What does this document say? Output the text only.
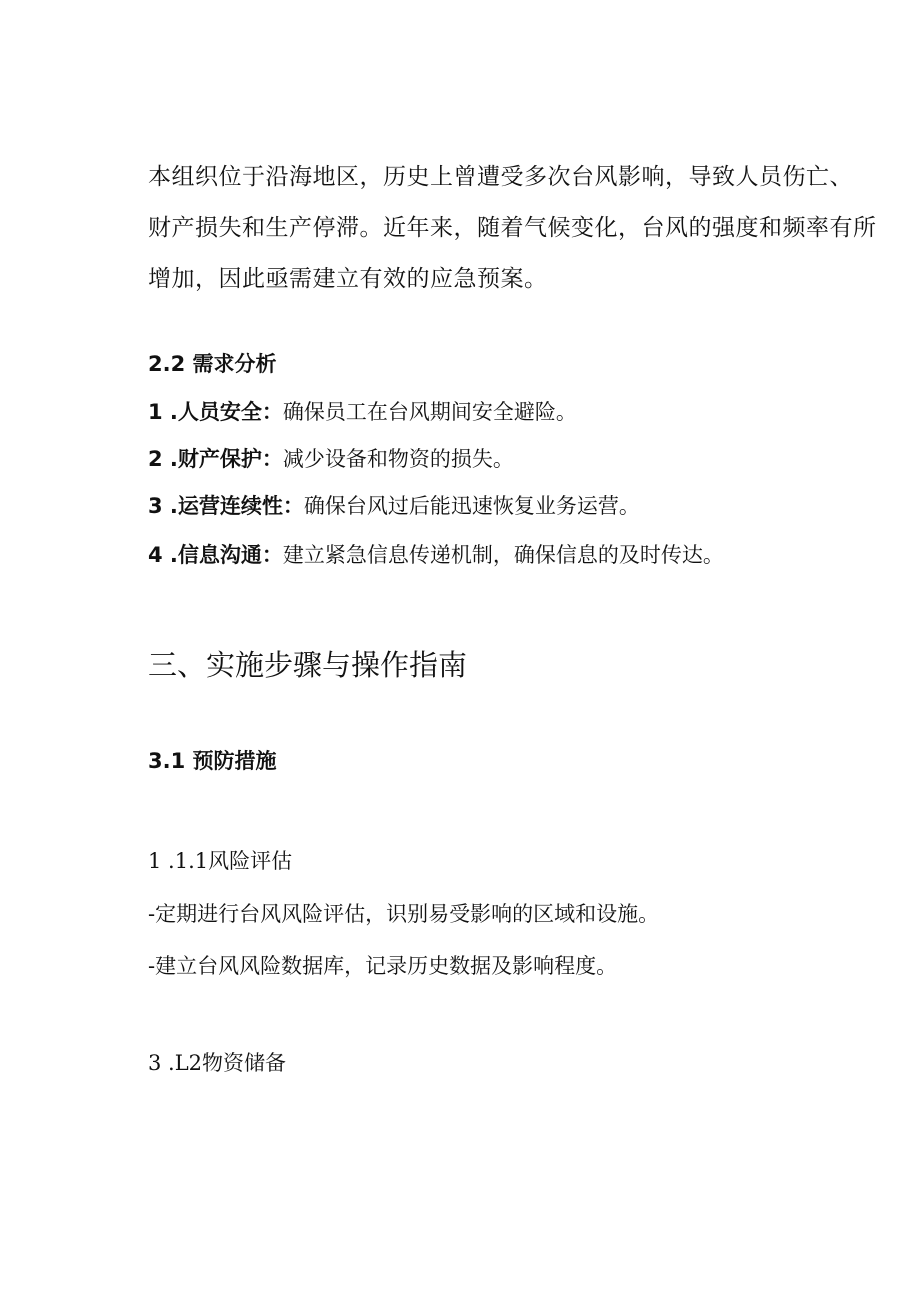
本组织位于沿海地区，历史上曾遭受多次台风影响，导致人员伤亡、
财产损失和生产停滞。近年来，随着气候变化，台风的强度和频率有所
增加，因此亟需建立有效的应急预案。
2.2 需求分析
1 .人员安全：确保员工在台风期间安全避险。
2 .财产保护：减少设备和物资的损失。
3 .运营连续性：确保台风过后能迅速恢复业务运营。
4 .信息沟通：建立紧急信息传递机制，确保信息的及时传达。
三、实施步骤与操作指南
3.1 预防措施
1 .1.1风险评估
-定期进行台风风险评估，识别易受影响的区域和设施。
-建立台风风险数据库，记录历史数据及影响程度。
3 .L2物资储备
